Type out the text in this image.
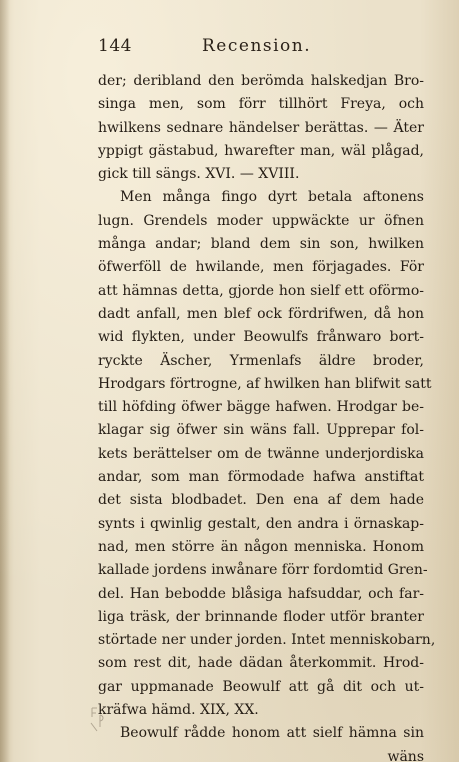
144	Recension.
der; deribland den berömda halskedjan Bro-
singa men, som förr tillhört Freya, och
hwilkens sednare händelser berättas. — Äter
yppigt gästabud, hwarefter man, wäl plågad,
gick till sängs. XVI. — XVIII.
Men många fingo dyrt betala aftonens
lugn. Grendels moder uppwäckte ur öfnen
många andar; bland dem sin son, hwilken
öfwerföll de hwilande, men förjagades. För
att hämnas detta, gjorde hon sielf ett oförmo-
dadt anfall, men blef ock fördrifwen, då hon
wid flykten, under Beowulfs frånwaro bort-
ryckte Äscher, Yrmenlafs äldre broder,
Hrodgars förtrogne, af hwilken han blifwit satt
till höfding öfwer bägge hafwen. Hrodgar be-
klagar sig öfwer sin wäns fall. Upprepar fol-
kets berättelser om de twänne underjordiska
andar, som man förmodade hafwa anstiftat
det sista blodbadet. Den ena af dem hade
synts i qwinlig gestalt, den andra i örnaskap-
nad, men större än någon menniska. Honom
kallade jordens inwånare förr fordomtid Gren-
del. Han bebodde blåsiga hafsuddar, och far-
liga träsk, der brinnande floder utför branter
störtade ner under jorden. Intet menniskobarn,
som rest dit, hade dädan återkommit. Hrod-
gar uppmanade Beowulf att gå dit och ut-
kräfwa hämd. XIX, XX.
Beowulf rådde honom att sielf hämna sin
wäns
